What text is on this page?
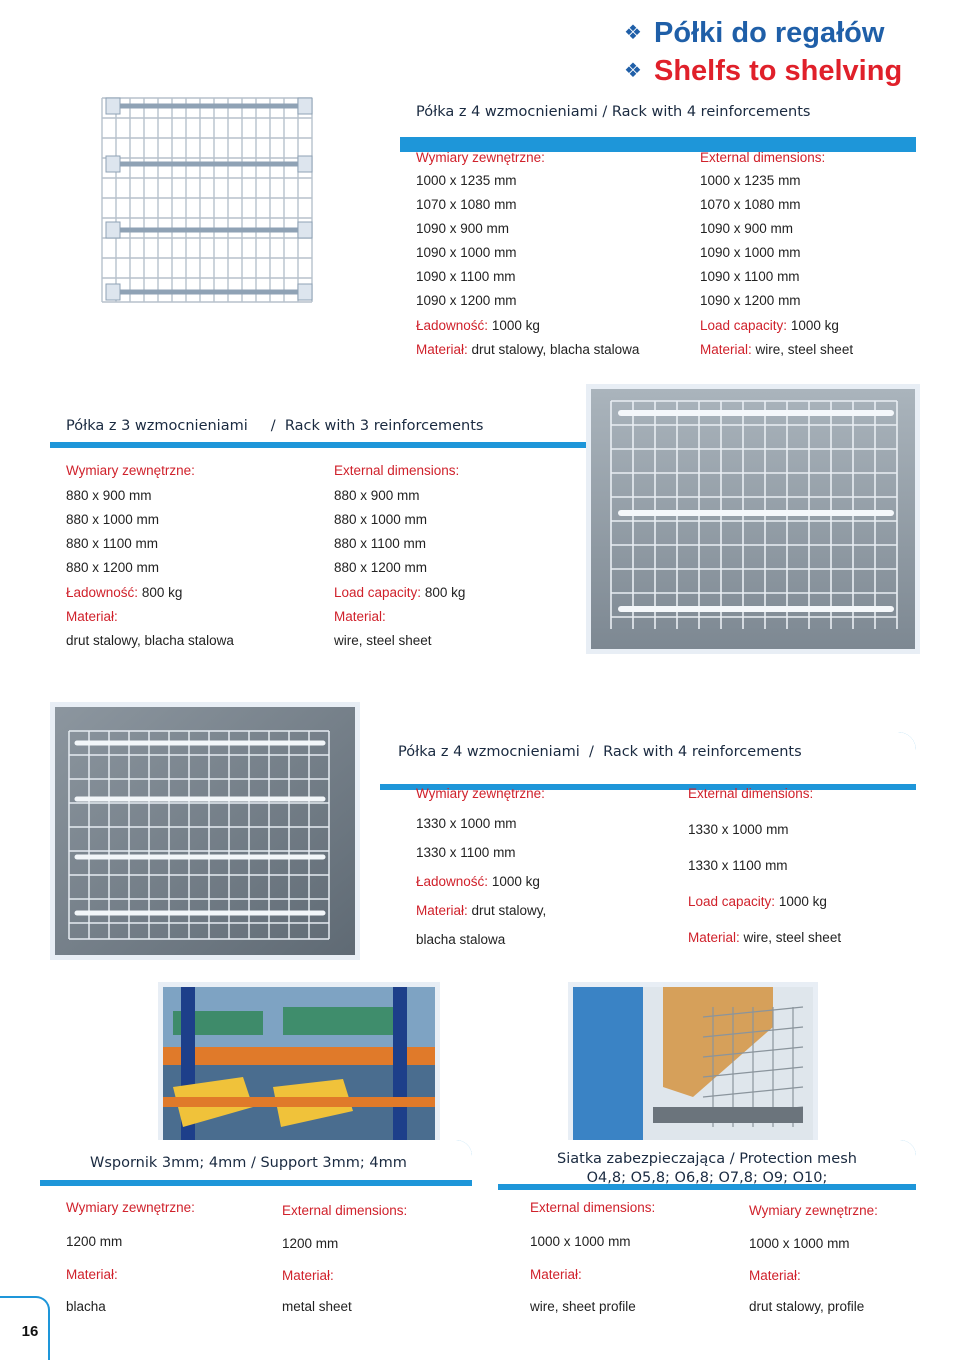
❖ Półki do regałów
❖ Shelfs to shelving
Półka z 4 wzmocnieniami / Rack with 4 reinforcements
Wymiary zewnętrzne:
1000 x 1235 mm
1070 x 1080 mm
1090 x 900 mm
1090 x 1000 mm
1090 x 1100 mm
1090 x 1200 mm
Ładowność: 1000 kg
Materiał: drut stalowy, blacha stalowa
External dimensions:
1000 x 1235 mm
1070 x 1080 mm
1090 x 900 mm
1090 x 1000 mm
1090 x 1100 mm
1090 x 1200 mm
Load capacity: 1000 kg
Material: wire, steel sheet
Półka z 3 wzmocnieniami     /  Rack with 3 reinforcements
Wymiary zewnętrzne:
880 x 900 mm
880 x 1000 mm
880 x 1100 mm
880 x 1200 mm
Ładowność: 800 kg
Materiał:
drut stalowy, blacha stalowa
External dimensions:
880 x 900 mm
880 x 1000 mm
880 x 1100 mm
880 x 1200 mm
Load capacity: 800 kg
Material:
wire, steel sheet
Półka z 4 wzmocnieniami  /  Rack with 4 reinforcements
Wymiary zewnętrzne:
1330 x 1000 mm
1330 x 1100 mm
Ładowność: 1000 kg
Materiał: drut stalowy,
blacha stalowa
External dimensions:
1330 x 1000 mm
1330 x 1100 mm
Load capacity: 1000 kg
Material: wire, steel sheet
Wspornik 3mm; 4mm / Support 3mm; 4mm
Wymiary zewnętrzne:
1200 mm
Materiał:
blacha
External dimensions:
1200 mm
Materiał:
metal sheet
Siatka zabezpieczająca / Protection mesh
O4,8; O5,8; O6,8; O7,8; O9; O10;
External dimensions:
1000 x 1000 mm
Materiał:
wire, sheet profile
Wymiary zewnętrzne:
1000 x 1000 mm
Materiał:
drut stalowy, profile
16
